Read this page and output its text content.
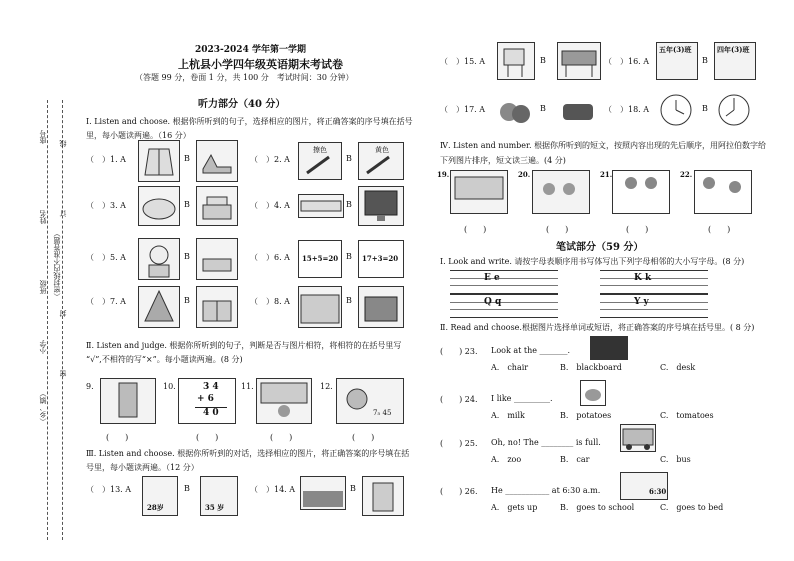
座号
姓名
班级
小学
（乡、镇）
（密封线内不准答题）
线
订
封
密
2023-2024 学年第一学期
上杭县小学四年级英语期末考试卷
（答题 99 分，卷面 1 分，共 100 分　考试时间：30 分钟）
听力部分（40 分）
Ⅰ. Listen and choose. 根据你所听到的句子，选择相应的图片，将正确答案的序号填在括号
里，每小题读两遍。（16 分）
（　）1. A	B	（　）2. A
擦色
B
黄色
（　）3. A	B	（　）4. A	B
（　）5. A	B	（　）6. A 15+5=20 B 17+3=20
（　）7. A	B	（　）8. A	B
Ⅱ. Listen and judge. 根据你所听到的句子，判断是否与图片相符，将相符的在括号里写
“√”,不相符的写“×”。每小题读两遍。(8 分)
9.	10.	3 4
+ 6
4 0
11.	12.
7₅ 45
(　　)	(　　)	(　　)	(　　)
Ⅲ. Listen and choose. 根据你所听到的对话，选择相应的图片，将正确答案的序号填在括
号里，每小题读两遍。（12 分）
（　）13. A
28岁
B
35 岁
（　）14. A	B
（　）15. A	B	（　）16. A
五年(3)班
B
四年(3)班
（　）17. A	B	（　）18. A	B
Ⅳ. Listen and number. 根据你所听到的短文，按照内容出现的先后顺序，用阿拉伯数字给
下列图片排序，短文读三遍。(4 分)
19.	20.	21.	22.
(　　)	(　　)	(　　)	(　　)
笔试部分（59 分）
Ⅰ. Look and write. 请按字母表顺序用书写体写出下列字母相邻的大小写字母。(8 分)
E e	K k
Q q	Y y
Ⅱ. Read and choose.根据图片选择单词或短语，将正确答案的序号填在括号里。( 8 分)
(　　) 23. Look at the _______.
A.　chair	B.　blackboard	C.　desk
(　　) 24. I like _________.
A.　milk	B.　potatoes	C.　tomatoes
(　　) 25. Oh, no! The ________ is full.
A.　zoo	B.　car	C.　bus
(　　) 26. He ___________ at 6:30 a.m.	6:30
A.　gets up	B.　goes to school	C.　goes to bed
